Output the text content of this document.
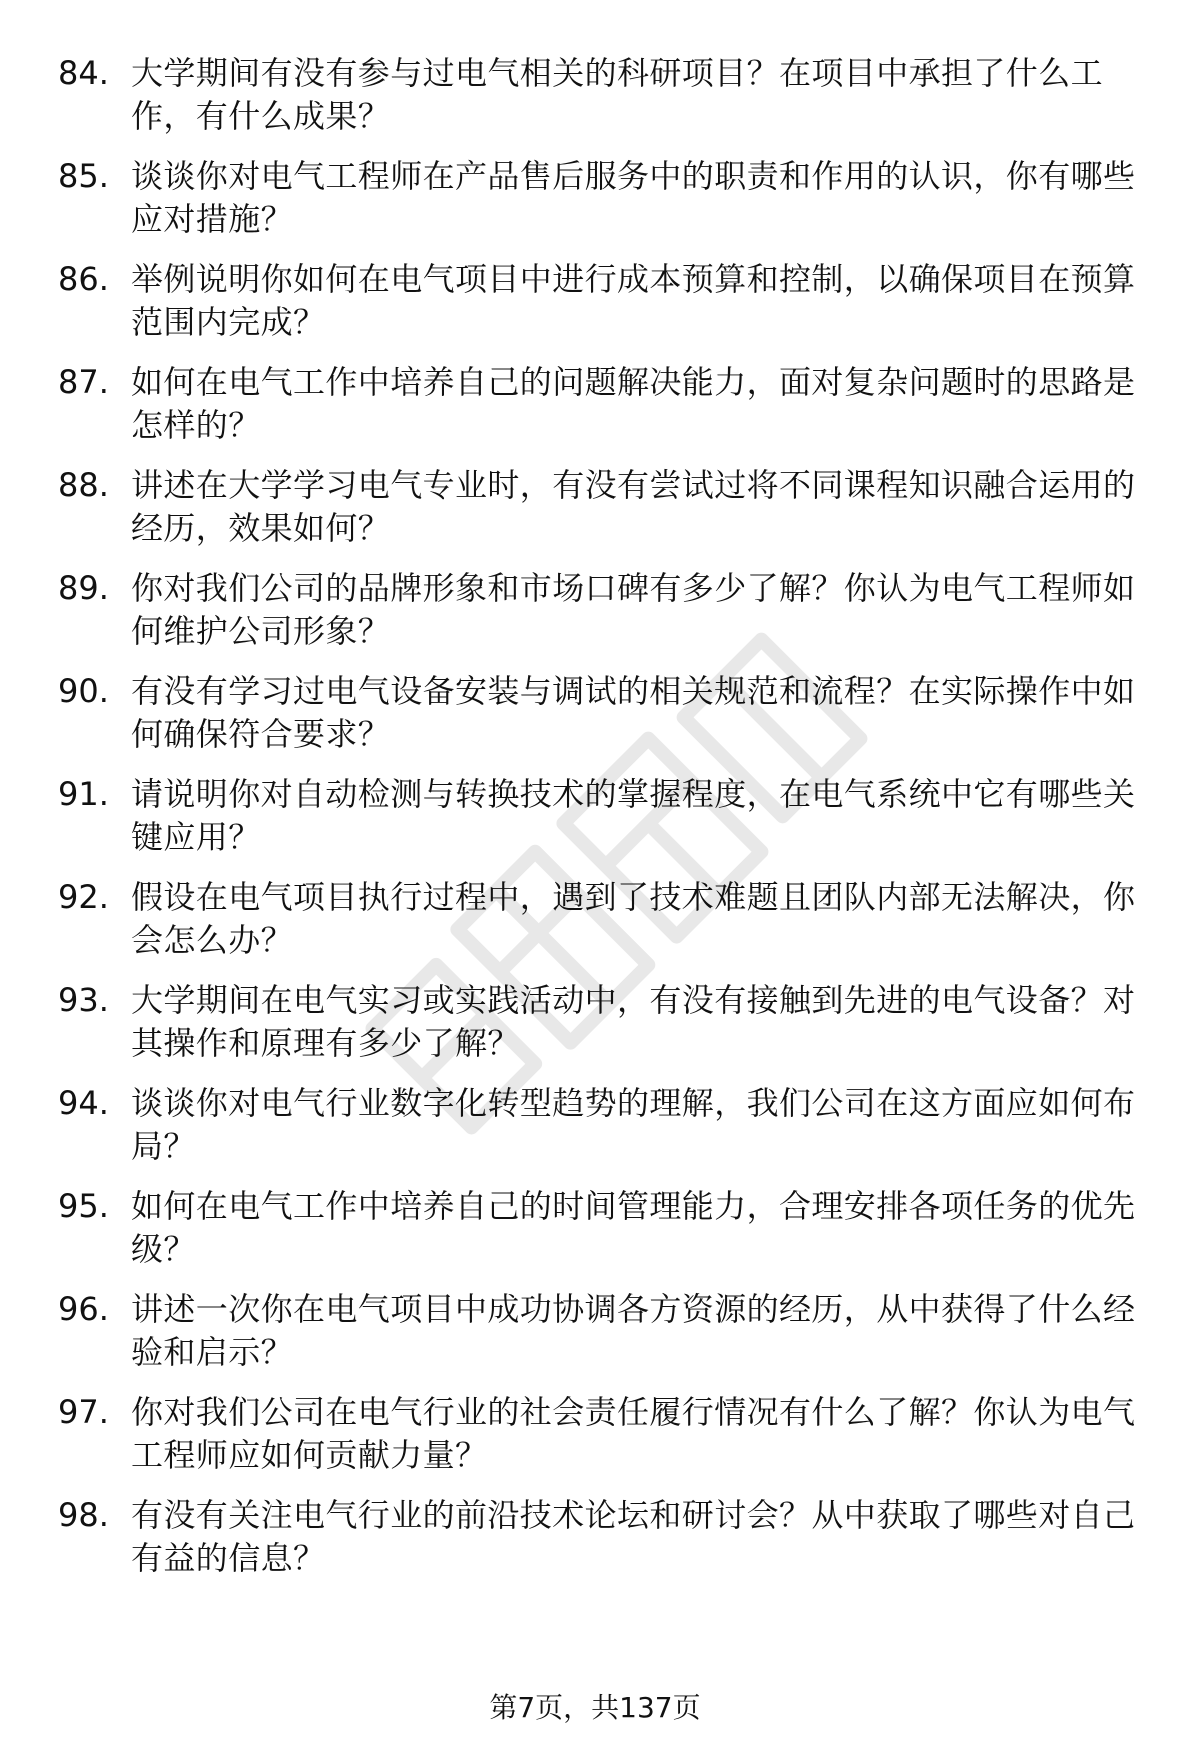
84. 大学期间有没有参与过电气相关的科研项目？在项目中承担了什么工作，有什么成果？
85. 谈谈你对电气工程师在产品售后服务中的职责和作用的认识，你有哪些应对措施？
86. 举例说明你如何在电气项目中进行成本预算和控制，以确保项目在预算范围内完成？
87. 如何在电气工作中培养自己的问题解决能力，面对复杂问题时的思路是怎样的？
88. 讲述在大学学习电气专业时，有没有尝试过将不同课程知识融合运用的经历，效果如何？
89. 你对我们公司的品牌形象和市场口碑有多少了解？你认为电气工程师如何维护公司形象？
90. 有没有学习过电气设备安装与调试的相关规范和流程？在实际操作中如何确保符合要求？
91. 请说明你对自动检测与转换技术的掌握程度，在电气系统中它有哪些关键应用？
92. 假设在电气项目执行过程中，遇到了技术难题且团队内部无法解决，你会怎么办？
93. 大学期间在电气实习或实践活动中，有没有接触到先进的电气设备？对其操作和原理有多少了解？
94. 谈谈你对电气行业数字化转型趋势的理解，我们公司在这方面应如何布局？
95. 如何在电气工作中培养自己的时间管理能力，合理安排各项任务的优先级？
96. 讲述一次你在电气项目中成功协调各方资源的经历，从中获得了什么经验和启示？
97. 你对我们公司在电气行业的社会责任履行情况有什么了解？你认为电气工程师应如何贡献力量？
98. 有没有关注电气行业的前沿技术论坛和研讨会？从中获取了哪些对自己有益的信息？
第7页，共137页
